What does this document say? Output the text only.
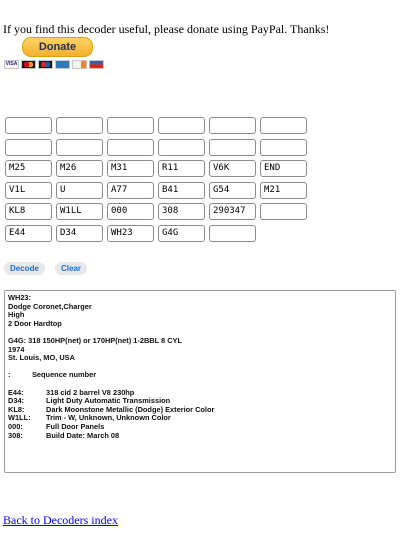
If you find this decoder useful, please donate using PayPal. Thanks!
Donate
VISA
M25	M26	M31	R11	V6K	END
V1L	U	A77	B41	G54	M21
KL8	W1LL	000	308	290347
E44	D34	WH23	G4G
Decode	Clear
WH23:
Dodge Coronet,Charger
High
2 Door Hardtop
G4G: 318 150HP(net) or 170HP(net) 1-2BBL 8 CYL
1974
St. Louis, MO, USA
:	Sequence number
E44:	318 cid 2 barrel V8 230hp
D34:	Light Duty Automatic Transmission
KL8:	Dark Moonstone Metallic (Dodge) Exterior Color
W1LL: Trim - W, Unknown, Unknown Color
000:	Full Door Panels
308:	Build Date: March 08
Back to Decoders index
